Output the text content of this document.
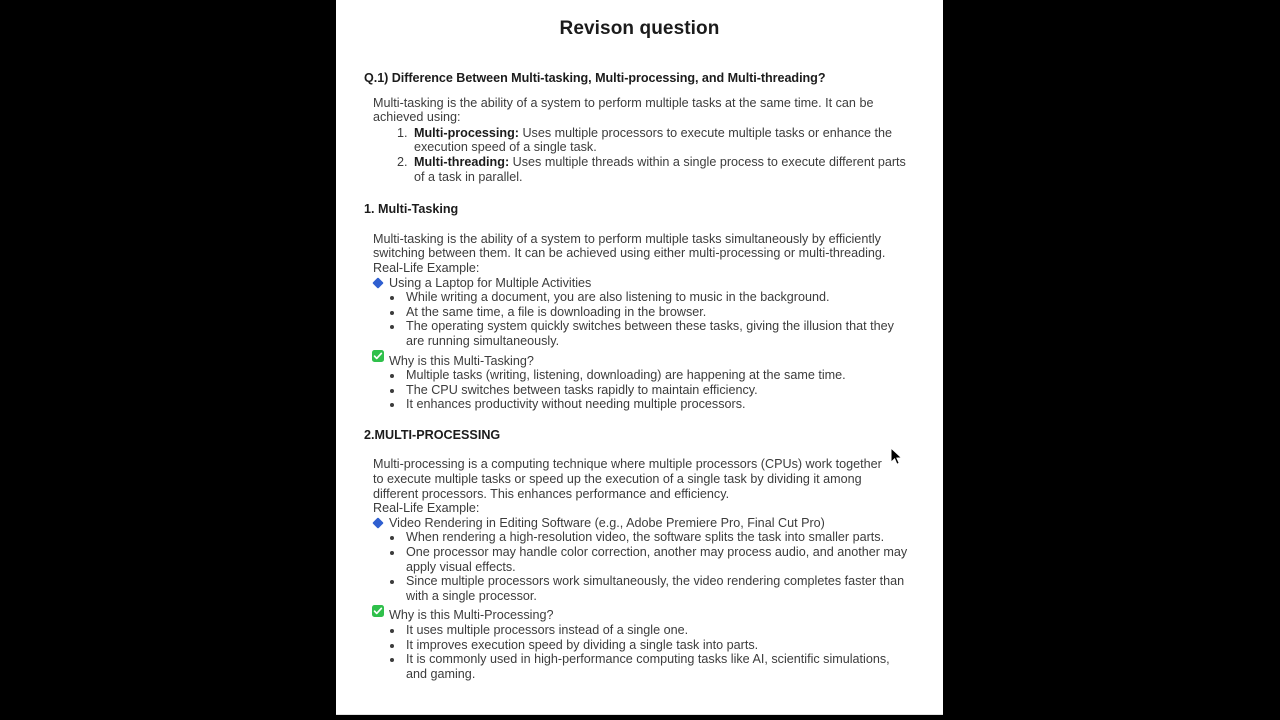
Revison question
Q.1) Difference Between Multi-tasking, Multi-processing, and Multi-threading?

Multi-tasking is the ability of a system to perform multiple tasks at the same time. It can be achieved using:

1. Multi-processing: Uses multiple processors to execute multiple tasks or enhance the execution speed of a single task.
2. Multi-threading: Uses multiple threads within a single process to execute different parts of a task in parallel.
1. Multi-Tasking

Multi-tasking is the ability of a system to perform multiple tasks simultaneously by efficiently switching between them. It can be achieved using either multi-processing or multi-threading.

Real-Life Example:
Using a Laptop for Multiple Activities
• While writing a document, you are also listening to music in the background.
• At the same time, a file is downloading in the browser.
• The operating system quickly switches between these tasks, giving the illusion that they are running simultaneously.
Why is this Multi-Tasking?
• Multiple tasks (writing, listening, downloading) are happening at the same time.
• The CPU switches between tasks rapidly to maintain efficiency.
• It enhances productivity without needing multiple processors.
2.MULTI-PROCESSING

Multi-processing is a computing technique where multiple processors (CPUs) work together to execute multiple tasks or speed up the execution of a single task by dividing it among different processors. This enhances performance and efficiency.

Real-Life Example:
Video Rendering in Editing Software (e.g., Adobe Premiere Pro, Final Cut Pro)
• When rendering a high-resolution video, the software splits the task into smaller parts.
• One processor may handle color correction, another may process audio, and another may apply visual effects.
• Since multiple processors work simultaneously, the video rendering completes faster than with a single processor.
Why is this Multi-Processing?
• It uses multiple processors instead of a single one.
• It improves execution speed by dividing a single task into parts.
• It is commonly used in high-performance computing tasks like AI, scientific simulations, and gaming.
